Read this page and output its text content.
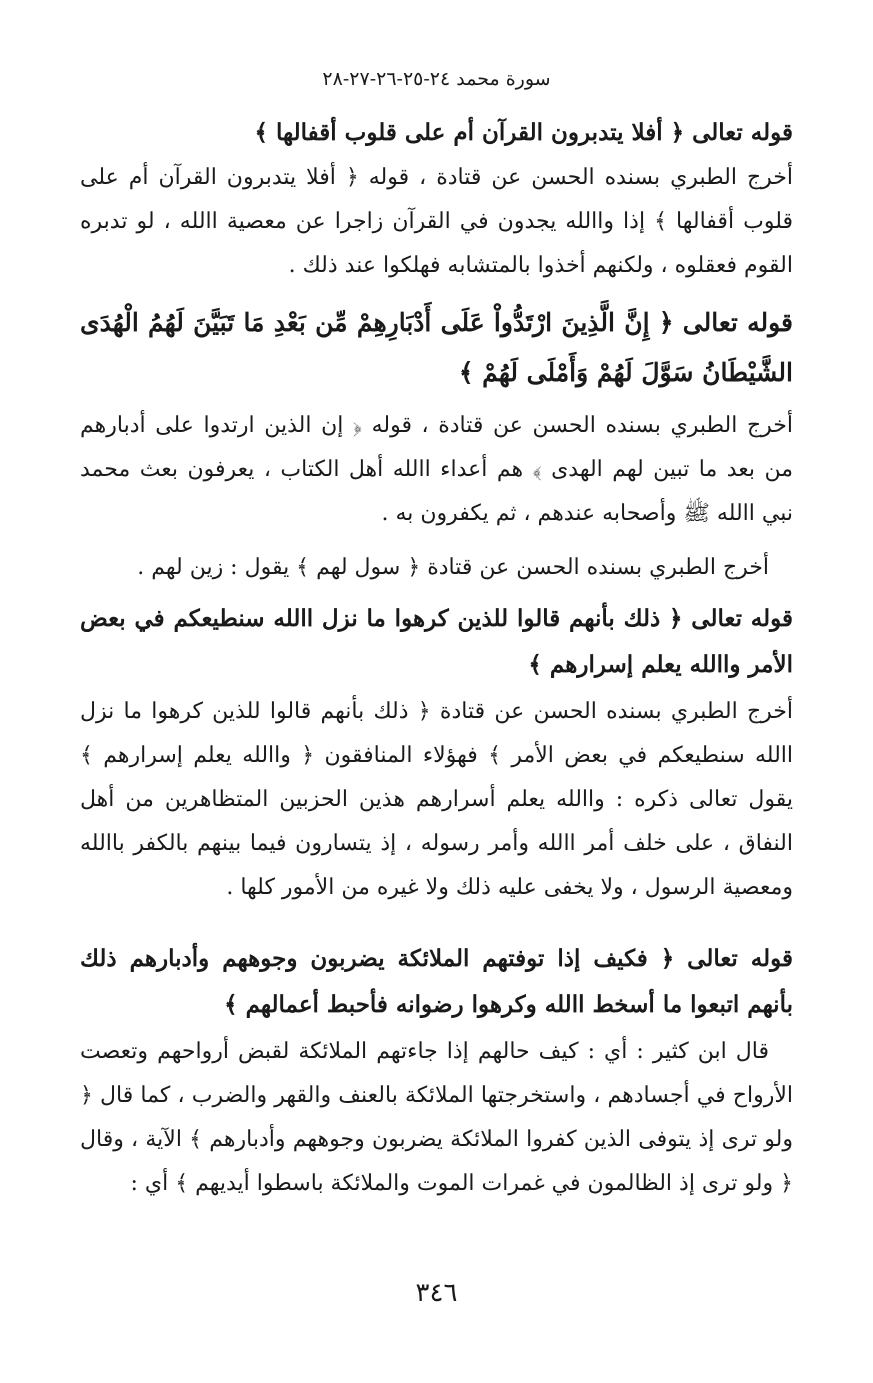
سورة محمد ٢٤-٢٥-٢٦-٢٧-٢٨
قوله تعالى ﴿ أفلا يتدبرون القرآن أم على قلوب أقفالها ﴾
أخرج الطبري بسنده الحسن عن قتادة ، قوله ﴿ أفلا يتدبرون القرآن أم على قلوب أقفالها ﴾ إذا واالله يجدون في القرآن زاجرا عن معصية االله ، لو تدبره القوم فعقلوه ، ولكنهم أخذوا بالمتشابه فهلكوا عند ذلك .
قوله تعالى ﴿ إِنَّ الَّذِينَ ارْتَدُّواْ عَلَى أَدْبَارِهِمْ مِّن بَعْدِ مَا تَبَيَّنَ لَهُمُ الْهُدَى الشَّيْطَانُ سَوَّلَ لَهُمْ وَأَمْلَى لَهُمْ ﴾
أخرج الطبري بسنده الحسن عن قتادة ، قوله ﴿ إن الذين ارتدوا على أدبارهم من بعد ما تبين لهم الهدى ﴾ هم أعداء االله أهل الكتاب ، يعرفون بعث محمد نبي االله ﷺ وأصحابه عندهم ، ثم يكفرون به .
أخرج الطبري بسنده الحسن عن قتادة ﴿ سول لهم ﴾ يقول : زين لهم .
قوله تعالى ﴿ ذلك بأنهم قالوا للذين كرهوا ما نزل االله سنطيعكم في بعض الأمر واالله يعلم إسرارهم ﴾
أخرج الطبري بسنده الحسن عن قتادة ﴿ ذلك بأنهم قالوا للذين كرهوا ما نزل االله سنطيعكم في بعض الأمر ﴾ فهؤلاء المنافقون ﴿ واالله يعلم إسرارهم ﴾ يقول تعالى ذكره : واالله يعلم أسرارهم هذين الحزبين المتظاهرين من أهل النفاق ، على خلف أمر االله وأمر رسوله ، إذ يتسارون فيما بينهم بالكفر باالله ومعصية الرسول ، ولا يخفى عليه ذلك ولا غيره من الأمور كلها .
قوله تعالى ﴿ فكيف إذا توفتهم الملائكة يضربون وجوههم وأدبارهم ذلك بأنهم اتبعوا ما أسخط االله وكرهوا رضوانه فأحبط أعمالهم ﴾
قال ابن كثير : أي : كيف حالهم إذا جاءتهم الملائكة لقبض أرواحهم وتعصت الأرواح في أجسادهم ، واستخرجتها الملائكة بالعنف والقهر والضرب ، كما قال ﴿ ولو ترى إذ يتوفى الذين كفروا الملائكة يضربون وجوههم وأدبارهم ﴾ الآية ، وقال ﴿ ولو ترى إذ الظالمون في غمرات الموت والملائكة باسطوا أيديهم ﴾ أي :
٣٤٦
